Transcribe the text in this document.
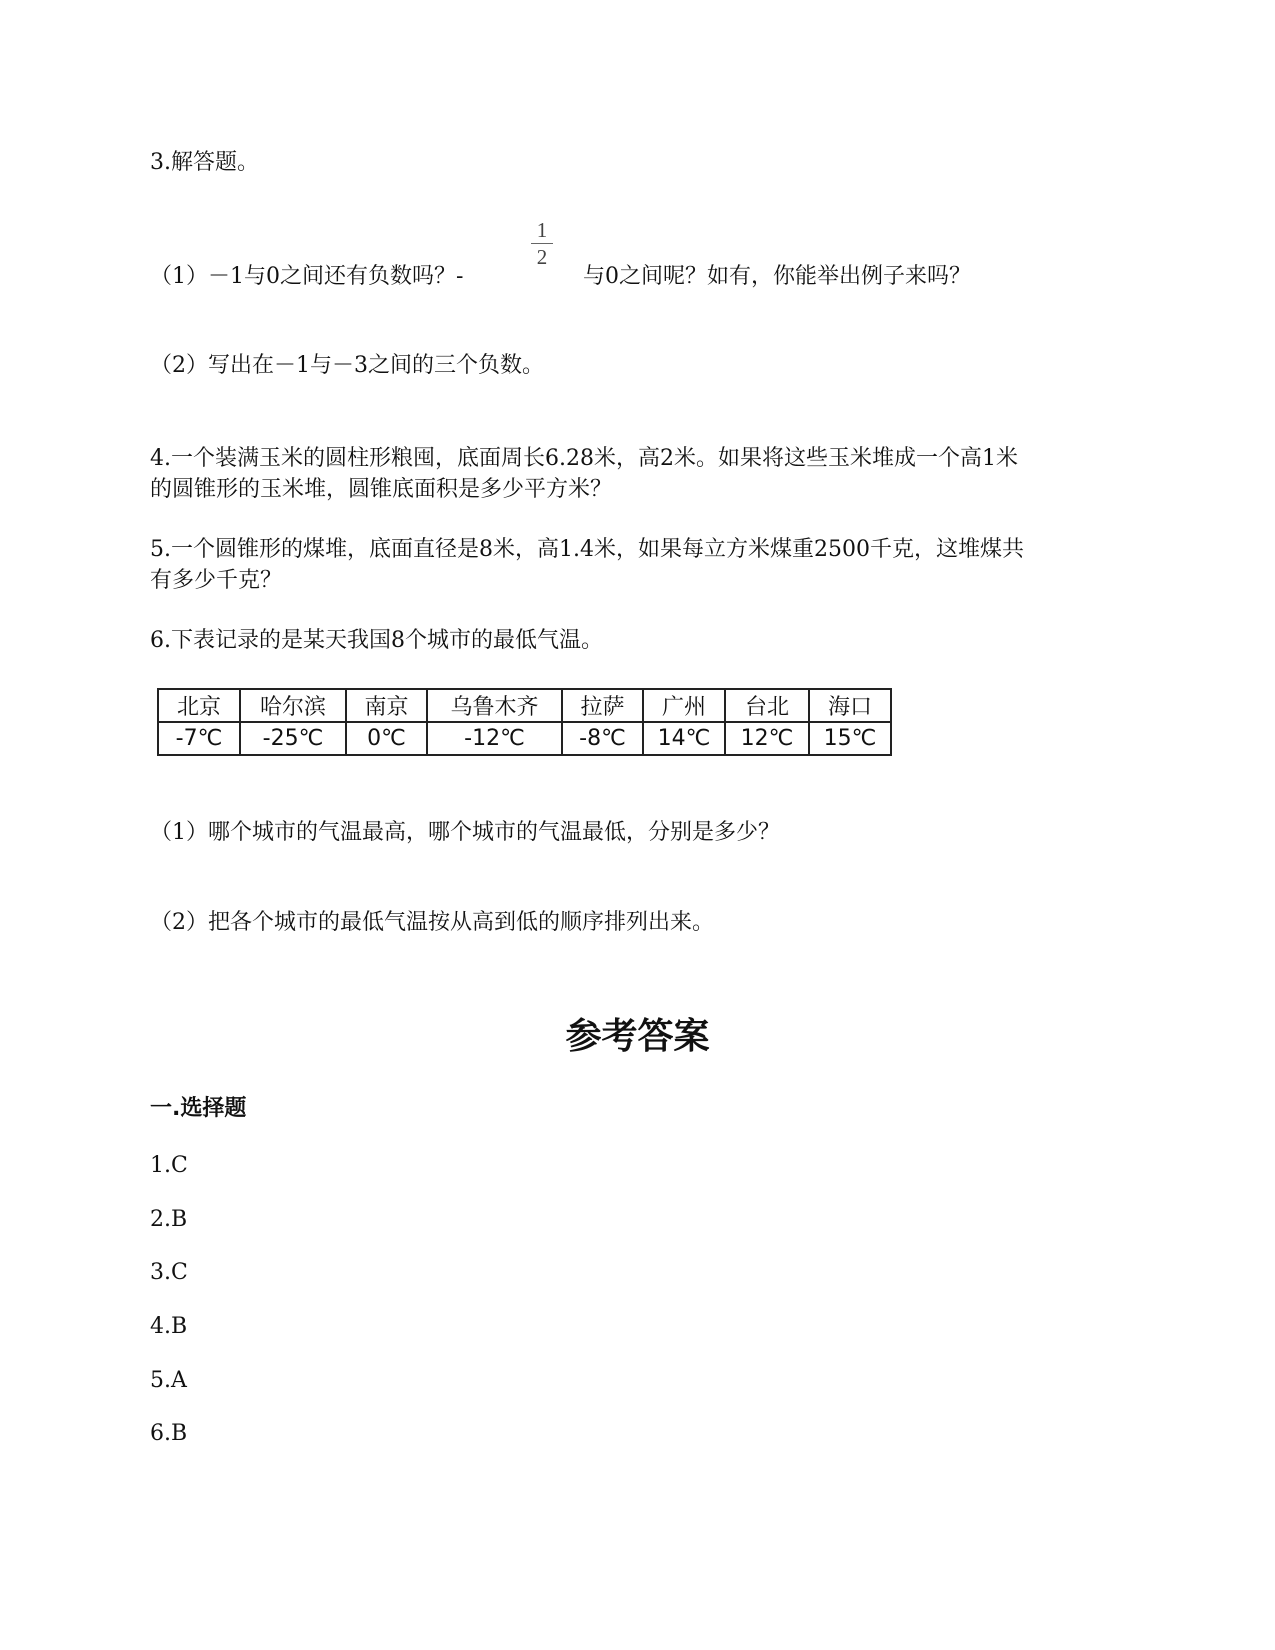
3.解答题。
（1）－1与0之间还有负数吗？-
1
2
与0之间呢？如有，你能举出例子来吗？
（2）写出在－1与－3之间的三个负数。
4.一个装满玉米的圆柱形粮囤，底面周长6.28米，高2米。如果将这些玉米堆成一个高1米
的圆锥形的玉米堆，圆锥底面积是多少平方米？
5.一个圆锥形的煤堆，底面直径是8米，高1.4米，如果每立方米煤重2500千克，这堆煤共
有多少千克？
6.下表记录的是某天我国8个城市的最低气温。
北京	哈尔滨	南京	乌鲁木齐	拉萨	广州	台北	海口
-7℃	-25℃	0℃	-12℃	-8℃	14℃	12℃	15℃
（1）哪个城市的气温最高，哪个城市的气温最低，分别是多少？
（2）把各个城市的最低气温按从高到低的顺序排列出来。
参考答案
一.选择题
1.C
2.B
3.C
4.B
5.A
6.B
